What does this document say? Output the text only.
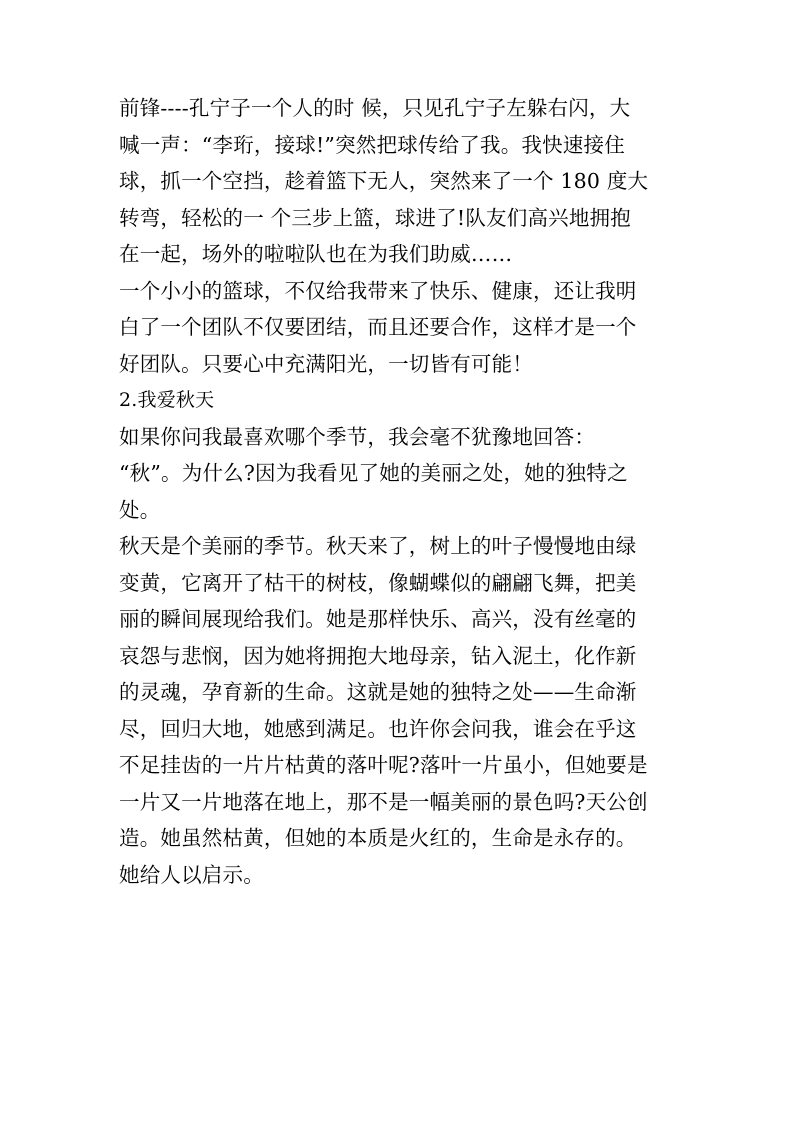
前锋----孔宁子一个人的时 候，只见孔宁子左躲右闪，大
喊一声：“李珩，接球!”突然把球传给了我。我快速接住
球，抓一个空挡，趁着篮下无人，突然来了一个 180 度大
转弯，轻松的一 个三步上篮，球进了!队友们高兴地拥抱
在一起，场外的啦啦队也在为我们助威……
一个小小的篮球，不仅给我带来了快乐、健康，还让我明
白了一个团队不仅要团结，而且还要合作，这样才是一个
好团队。只要心中充满阳光，一切皆有可能！
2.我爱秋天
如果你问我最喜欢哪个季节，我会毫不犹豫地回答：
“秋”。为什么?因为我看见了她的美丽之处，她的独特之
处。
秋天是个美丽的季节。秋天来了，树上的叶子慢慢地由绿
变黄，它离开了枯干的树枝，像蝴蝶似的翩翩飞舞，把美
丽的瞬间展现给我们。她是那样快乐、高兴，没有丝毫的
哀怨与悲悯，因为她将拥抱大地母亲，钻入泥土，化作新
的灵魂，孕育新的生命。这就是她的独特之处——生命渐
尽，回归大地，她感到满足。也许你会问我，谁会在乎这
不足挂齿的一片片枯黄的落叶呢?落叶一片虽小，但她要是
一片又一片地落在地上，那不是一幅美丽的景色吗?天公创
造。她虽然枯黄，但她的本质是火红的，生命是永存的。
她给人以启示。
